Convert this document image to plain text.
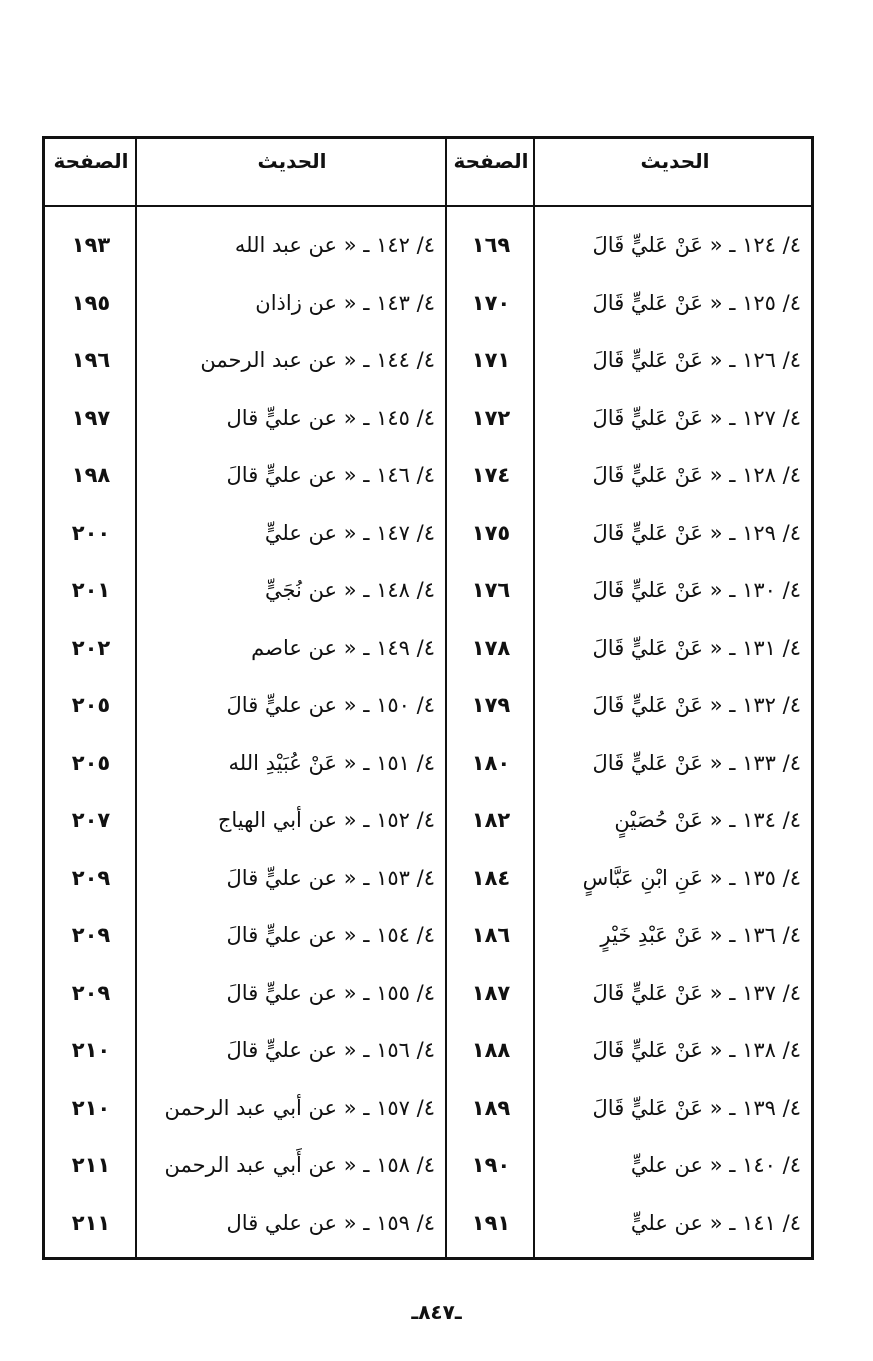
الحديث
الصفحة
الحديث
الصفحة
٤/ ١٢٤ ـ « عَنْ عَليٍّ قَالَ
١٦٩
٤/ ١٢٥ ـ « عَنْ عَليٍّ قَالَ
١٧٠
٤/ ١٢٦ ـ « عَنْ عَليٍّ قَالَ
١٧١
٤/ ١٢٧ ـ « عَنْ عَليٍّ قَالَ
١٧٢
٤/ ١٢٨ ـ « عَنْ عَليٍّ قَالَ
١٧٤
٤/ ١٢٩ ـ « عَنْ عَليٍّ قَالَ
١٧٥
٤/ ١٣٠ ـ « عَنْ عَليٍّ قَالَ
١٧٦
٤/ ١٣١ ـ « عَنْ عَليٍّ قَالَ
١٧٨
٤/ ١٣٢ ـ « عَنْ عَليٍّ قَالَ
١٧٩
٤/ ١٣٣ ـ « عَنْ عَليٍّ قَالَ
١٨٠
٤/ ١٣٤ ـ « عَنْ حُصَيْنٍ
١٨٢
٤/ ١٣٥ ـ « عَنِ ابْنِ عَبَّاسٍ
١٨٤
٤/ ١٣٦ ـ « عَنْ عَبْدِ خَيْرٍ
١٨٦
٤/ ١٣٧ ـ « عَنْ عَليٍّ قَالَ
١٨٧
٤/ ١٣٨ ـ « عَنْ عَليٍّ قَالَ
١٨٨
٤/ ١٣٩ ـ « عَنْ عَليٍّ قَالَ
١٨٩
٤/ ١٤٠ ـ « عن عليٍّ
١٩٠
٤/ ١٤١ ـ « عن عليٍّ
١٩١
٤/ ١٤٢ ـ « عن عبد الله
١٩٣
٤/ ١٤٣ ـ « عن زاذان
١٩٥
٤/ ١٤٤ ـ « عن عبد الرحمن
١٩٦
٤/ ١٤٥ ـ « عن عليٍّ قال
١٩٧
٤/ ١٤٦ ـ « عن عليٍّ قالَ
١٩٨
٤/ ١٤٧ ـ « عن عليٍّ
٢٠٠
٤/ ١٤٨ ـ « عن نُجَيٍّ
٢٠١
٤/ ١٤٩ ـ « عن عاصم
٢٠٢
٤/ ١٥٠ ـ « عن عليٍّ قالَ
٢٠٥
٤/ ١٥١ ـ « عَنْ عُبَيْدِ الله
٢٠٥
٤/ ١٥٢ ـ « عن أبي الهياج
٢٠٧
٤/ ١٥٣ ـ « عن عليٍّ قالَ
٢٠٩
٤/ ١٥٤ ـ « عن عليٍّ قالَ
٢٠٩
٤/ ١٥٥ ـ « عن عليٍّ قالَ
٢٠٩
٤/ ١٥٦ ـ « عن عليٍّ قالَ
٢١٠
٤/ ١٥٧ ـ « عن أبي عبد الرحمن
٢١٠
٤/ ١٥٨ ـ « عن أَبي عبد الرحمن
٢١١
٤/ ١٥٩ ـ « عن علي قال
٢١١
ـ٨٤٧ـ
